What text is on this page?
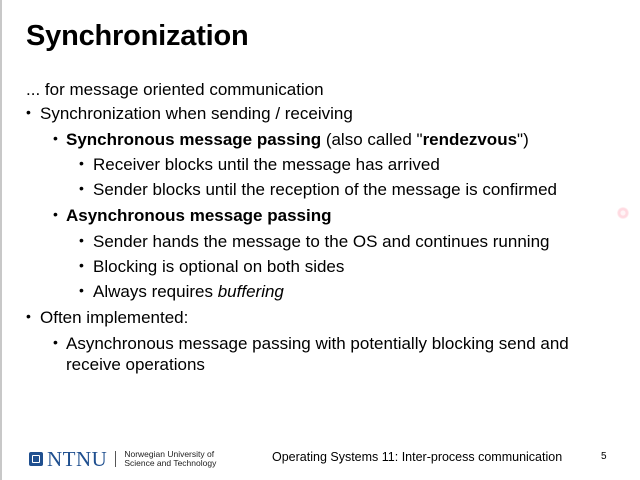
Synchronization
... for message oriented communication
• Synchronization when sending / receiving
• Synchronous message passing (also called "rendezvous")
• Receiver blocks until the message has arrived
• Sender blocks until the reception of the message is confirmed
• Asynchronous message passing
• Sender hands the message to the OS and continues running
• Blocking is optional on both sides
• Always requires buffering
• Often implemented:
• Asynchronous message passing with potentially blocking send and
receive operations
NTNU Norwegian University of
Science and Technology	Operating Systems 11: Inter-process communication	5
